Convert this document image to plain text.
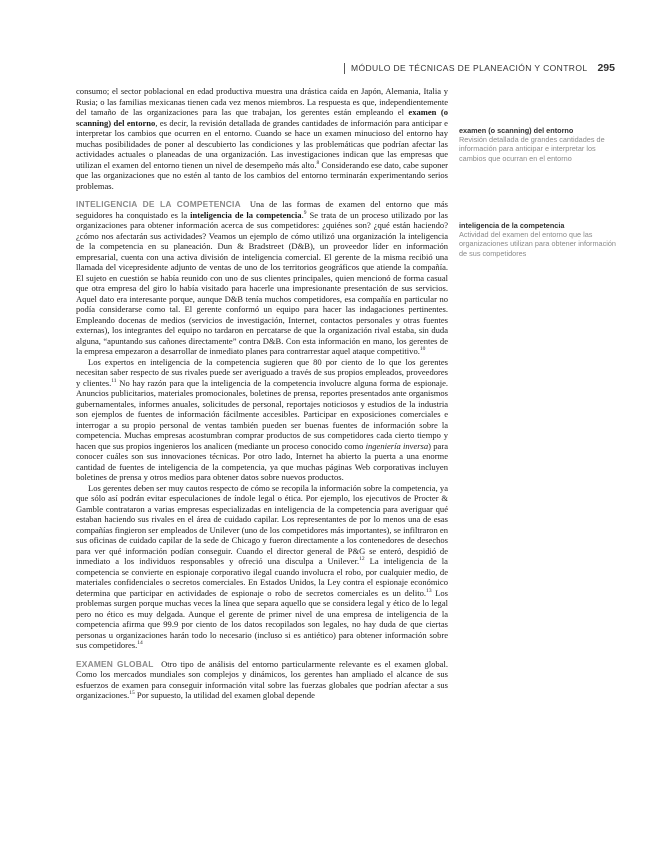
MÓDULO DE TÉCNICAS DE PLANEACIÓN Y CONTROL 295

consumo; el sector poblacional en edad productiva muestra una drástica caída en Japón, Alemania, Italia y Rusia; o las familias mexicanas tienen cada vez menos miembros. La respuesta es que, independientemente del tamaño de las organizaciones para las que trabajan, los gerentes están empleando el examen (o scanning) del entorno, es decir, la revisión detallada de grandes cantidades de información para anticipar e interpretar los cambios que ocurren en el entorno. Cuando se hace un examen minucioso del entorno hay muchas posibilidades de poner al descubierto las condiciones y las problemáticas que podrían afectar las actividades actuales o planeadas de una organización. Las investigaciones indican que las empresas que utilizan el examen del entorno tienen un nivel de desempeño más alto.$^8$ Considerando ese dato, cabe suponer que las organizaciones que no estén al tanto de los cambios del entorno terminarán experimentando serios problemas.

INTELIGENCIA DE LA COMPETENCIA Una de las formas de examen del entorno que más seguidores ha conquistado es la inteligencia de la competencia.$^9$ Se trata de un proceso utilizado por las organizaciones para obtener información acerca de sus competidores: ¿quiénes son? ¿qué están haciendo? ¿cómo nos afectarán sus actividades? Veamos un ejemplo de cómo utilizó una organización la inteligencia de la competencia en su planeación. Dun & Bradstreet (D&B), un proveedor líder en información empresarial, cuenta con una activa división de inteligencia comercial. El gerente de la misma recibió una llamada del vicepresidente adjunto de ventas de uno de los territorios geográficos que atiende la compañía. El sujeto en cuestión se había reunido con uno de sus clientes principales, quien mencionó de forma casual que otra empresa del giro lo había visitado para hacerle una impresionante presentación de sus servicios. Aquel dato era interesante porque, aunque D&B tenía muchos competidores, esa compañía en particular no podía considerarse como tal. El gerente conformó un equipo para hacer las indagaciones pertinentes. Empleando docenas de medios (servicios de investigación, Internet, contactos personales y otras fuentes externas), los integrantes del equipo no tardaron en percatarse de que la organización rival estaba, sin duda alguna, “apuntando sus cañones directamente” contra D&B. Con esta información en mano, los gerentes de la empresa empezaron a desarrollar de inmediato planes para contrarrestar aquel ataque competitivo.$^{10}$

Los expertos en inteligencia de la competencia sugieren que 80 por ciento de lo que los gerentes necesitan saber respecto de sus rivales puede ser averiguado a través de sus propios empleados, proveedores y clientes.$^{11}$ No hay razón para que la inteligencia de la competencia involucre alguna forma de espionaje. Anuncios publicitarios, materiales promocionales, boletines de prensa, reportes presentados ante organismos gubernamentales, informes anuales, solicitudes de personal, reportajes noticiosos y estudios de la industria son ejemplos de fuentes de información fácilmente accesibles. Participar en exposiciones comerciales e interrogar a su propio personal de ventas también pueden ser buenas fuentes de información sobre la competencia. Muchas empresas acostumbran comprar productos de sus competidores cada cierto tiempo y hacen que sus propios ingenieros los analicen (mediante un proceso conocido como ingeniería inversa) para conocer cuáles son sus innovaciones técnicas. Por otro lado, Internet ha abierto la puerta a una enorme cantidad de fuentes de inteligencia de la competencia, ya que muchas páginas Web corporativas incluyen boletines de prensa y otros medios para obtener datos sobre nuevos productos.

Los gerentes deben ser muy cautos respecto de cómo se recopila la información sobre la competencia, ya que sólo así podrán evitar especulaciones de índole legal o ética. Por ejemplo, los ejecutivos de Procter & Gamble contrataron a varias empresas especializadas en inteligencia de la competencia para averiguar qué estaban haciendo sus rivales en el área de cuidado capilar. Los representantes de por lo menos una de esas compañías fingieron ser empleados de Unilever (uno de los competidores más importantes), se infiltraron en sus oficinas de cuidado capilar de la sede de Chicago y fueron directamente a los contenedores de desechos para ver qué información podían conseguir. Cuando el director general de P&G se enteró, despidió de inmediato a los individuos responsables y ofreció una disculpa a Unilever.$^{12}$ La inteligencia de la competencia se convierte en espionaje corporativo ilegal cuando involucra el robo, por cualquier medio, de materiales confidenciales o secretos comerciales. En Estados Unidos, la Ley contra el espionaje económico determina que participar en actividades de espionaje o robo de secretos comerciales es un delito.$^{13}$ Los problemas surgen porque muchas veces la línea que separa aquello que se considera legal y ético de lo legal pero no ético es muy delgada. Aunque el gerente de primer nivel de una empresa de inteligencia de la competencia afirma que 99.9 por ciento de los datos recopilados son legales, no hay duda de que ciertas personas u organizaciones harán todo lo necesario (incluso si es antiético) para obtener información sobre sus competidores.$^{14}$

EXAMEN GLOBAL Otro tipo de análisis del entorno particularmente relevante es el examen global. Como los mercados mundiales son complejos y dinámicos, los gerentes han ampliado el alcance de sus esfuerzos de examen para conseguir información vital sobre las fuerzas globales que podrían afectar a sus organizaciones.$^{15}$ Por supuesto, la utilidad del examen global depende

examen (o scanning) del entorno
Revisión detallada de grandes cantidades de información para anticipar e interpretar los cambios que ocurran en el entorno
inteligencia de la competencia
Actividad del examen del entorno que las organizaciones utilizan para obtener información de sus competidores
